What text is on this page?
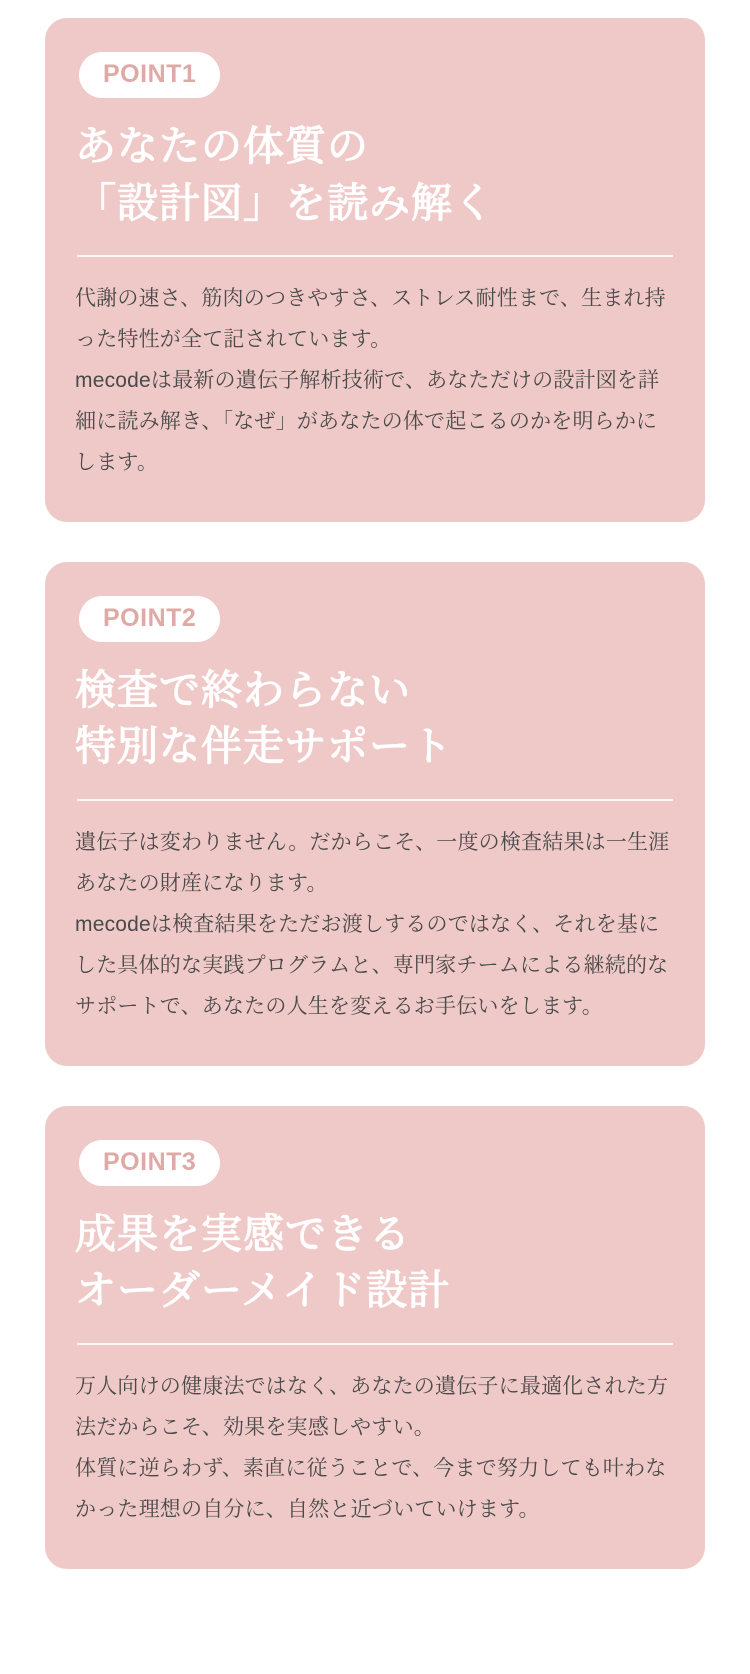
POINT1
あなたの体質の
「設計図」を読み解く

代謝の速さ、筋肉のつきやすさ、ストレス耐性まで、生まれ持った特性が全て記されています。

mecodeは最新の遺伝子解析技術で、あなただけの設計図を詳細に読み解き、「なぜ」があなたの体で起こるのかを明らかにします。

POINT2
検査で終わらない
特別な伴走サポート

遺伝子は変わりません。だからこそ、一度の検査結果は一生涯あなたの財産になります。

mecodeは検査結果をただお渡しするのではなく、それを基にした具体的な実践プログラムと、専門家チームによる継続的なサポートで、あなたの人生を変えるお手伝いをします。

POINT3
成果を実感できる
オーダーメイド設計

万人向けの健康法ではなく、あなたの遺伝子に最適化された方法だからこそ、効果を実感しやすい。

体質に逆らわず、素直に従うことで、今まで努力しても叶わなかった理想の自分に、自然と近づいていけます。
